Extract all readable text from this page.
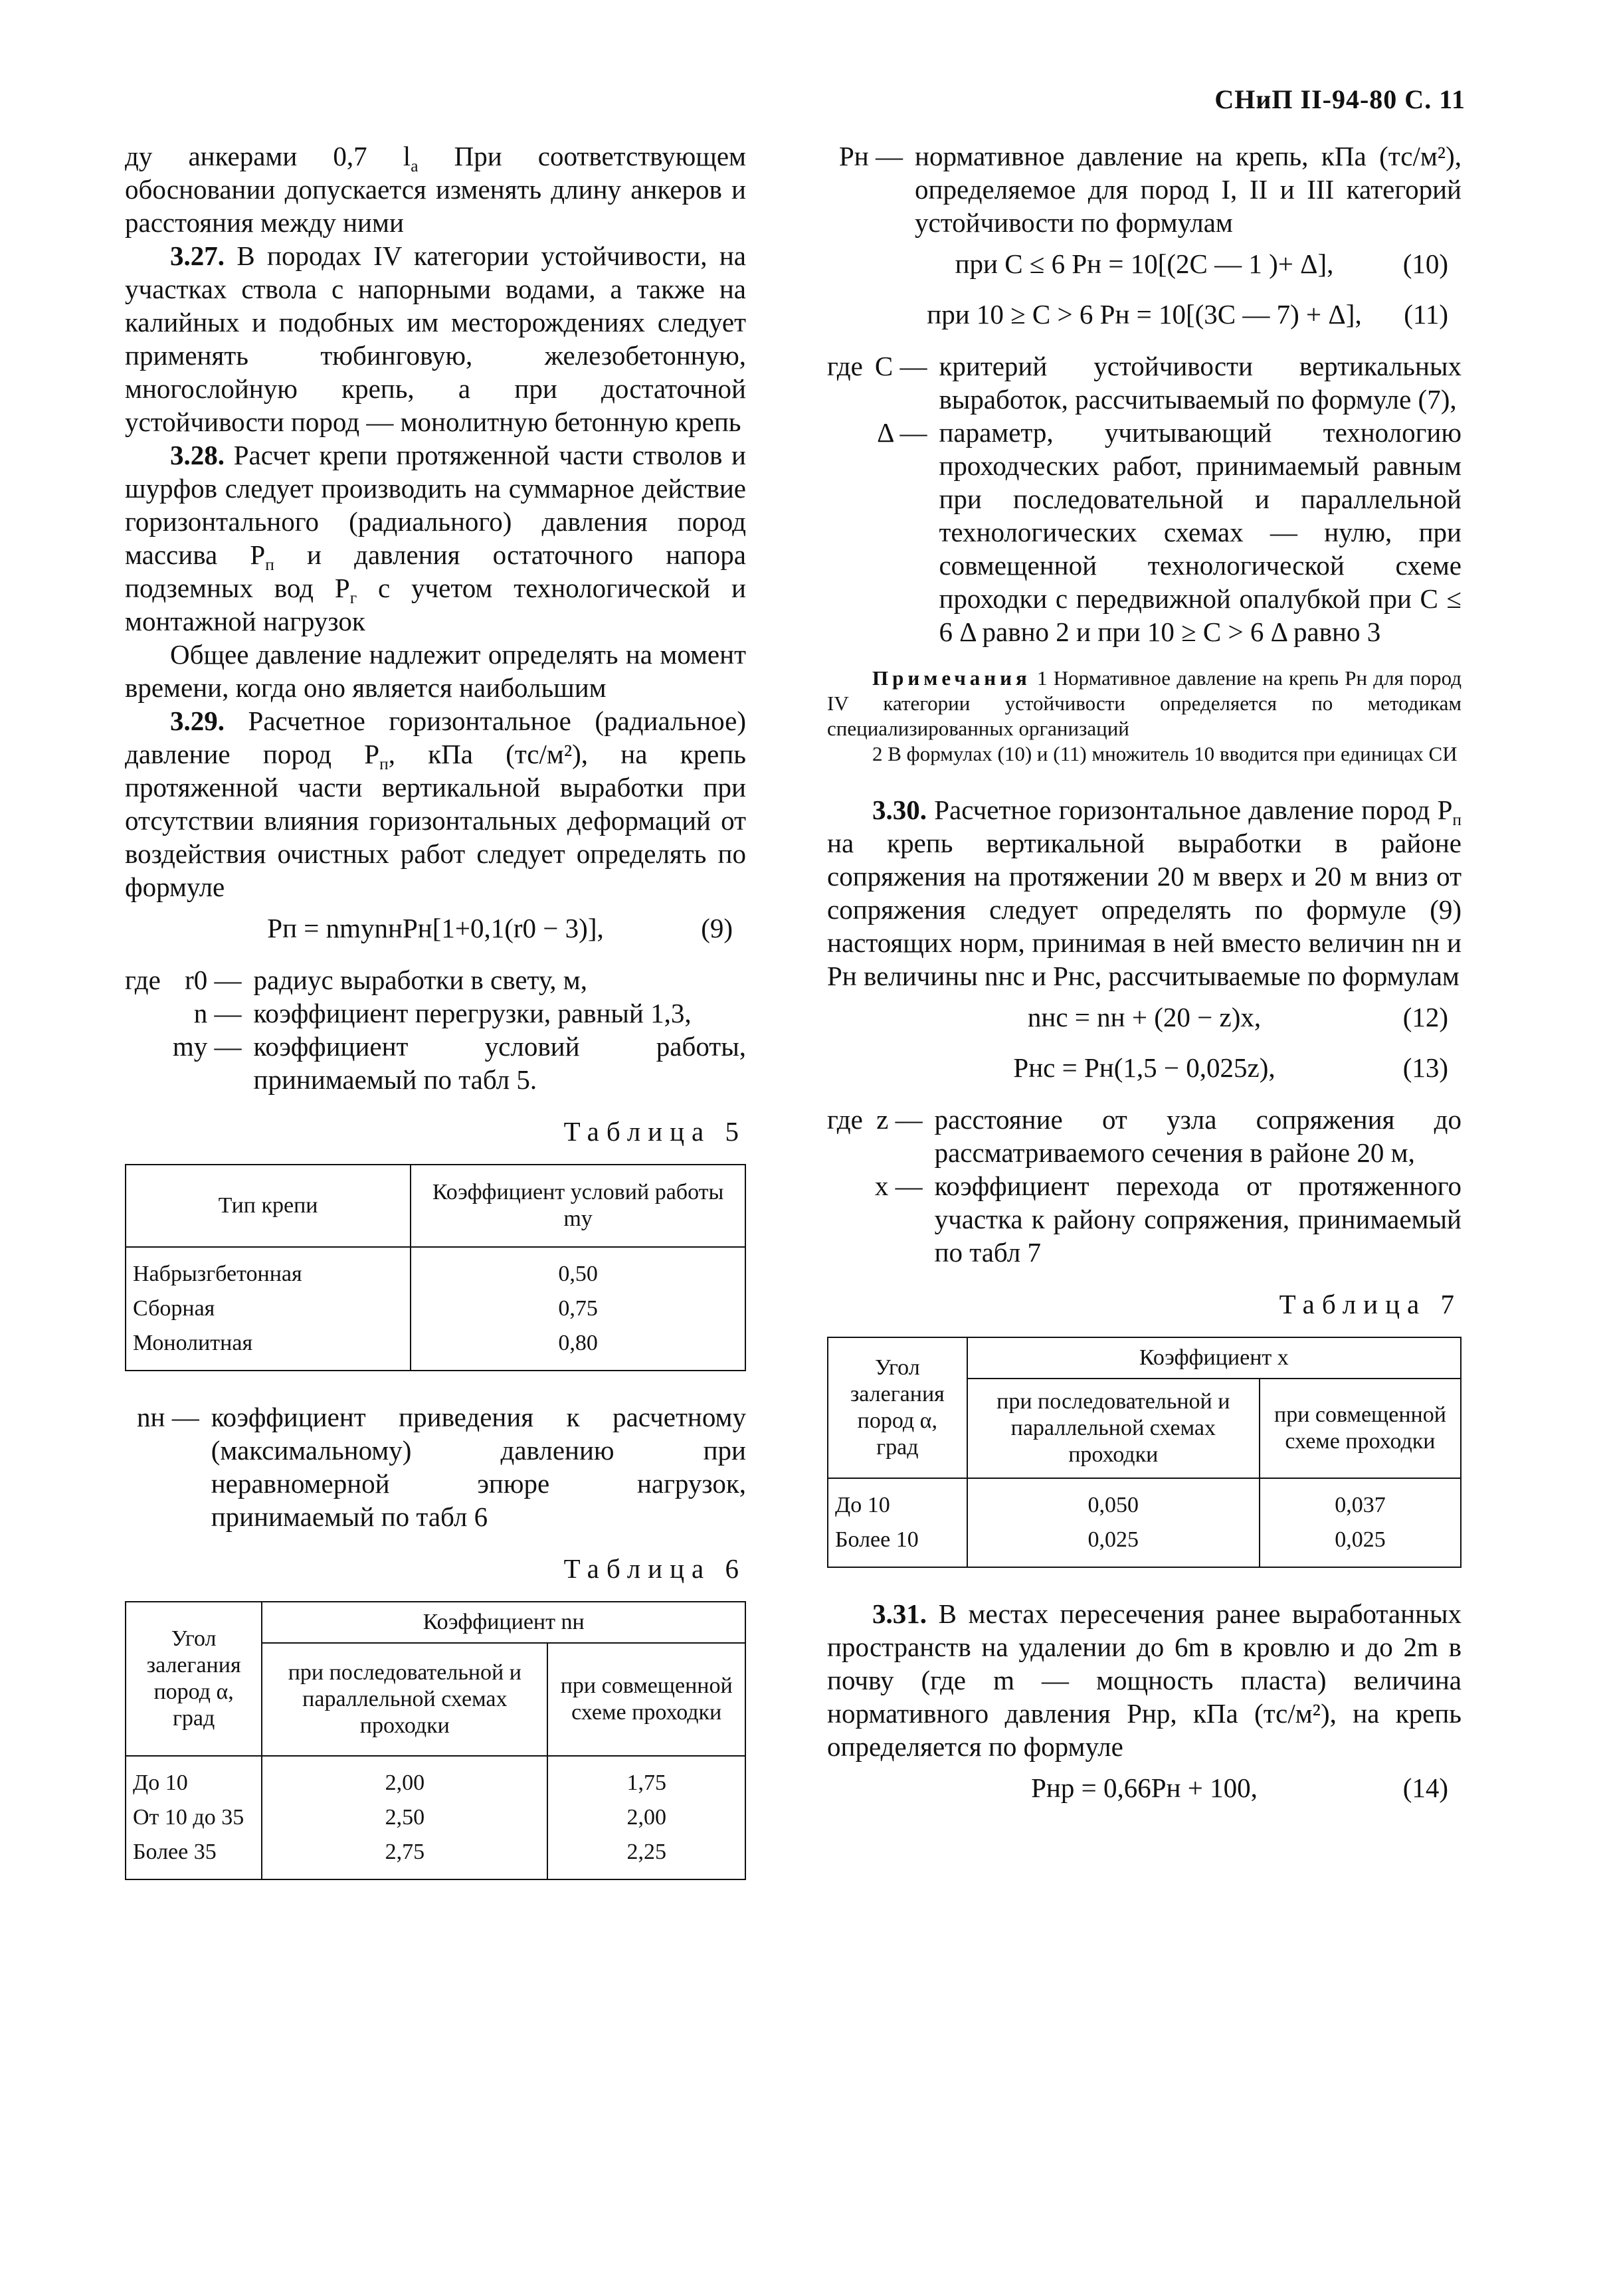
СНиП II-94-80 С. 11

ду анкерами 0,7 $l_а$ При соответствующем обосновании допускается изменять длину анкеров и расстояния между ними

3.27. В породах IV категории устойчивости, на участках ствола с напорными водами, а также на калийных и подобных им месторождениях следует применять тюбинговую, железобетонную, многослойную крепь, а при достаточной устойчивости пород — монолитную бетонную крепь

3.28. Расчет крепи протяженной части стволов и шурфов следует производить на суммарное действие горизонтального (радиального) давления пород массива $P_п$ и давления остаточного напора подземных вод $P_г$ с учетом технологической и монтажной нагрузок

Общее давление надлежит определять на момент времени, когда оно является наибольшим

3.29. Расчетное горизонтальное (радиальное) давление пород $P_п$, кПа (тс/м²), на крепь протяженной части вертикальной выработки при отсутствии влияния горизонтальных деформаций от воздействия очистных работ следует определять по формуле

Pп = nmуnнPн[1+0,1(r0 − 3)],	(9)
где r0 — радиус выработки в свету, м,
n — коэффициент перегрузки, равный 1,3,
mу — коэффициент условий работы, принимаемый по табл 5.
Таблица 5
Тип крепи	Коэффициент условий работы mу
Набрызгбетонная	0,50
Сборная	0,75
Монолитная	0,80
nн — коэффициент приведения к расчетному (максимальному) давлению при неравномерной эпюре нагрузок, принимаемый по табл 6
Таблица 6
Угол залегания пород α, град	Коэффициент nн	
	при последовательной и параллельной схемах проходки	при совмещенной схеме проходки
До 10	2,00	1,75
От 10 до 35	2,50	2,00
Более 35	2,75	2,25
Pн — нормативное давление на крепь, кПа (тс/м²), определяемое для пород I, II и III категорий устойчивости по формулам
при C ≤ 6 Pн = 10[(2C — 1 )+ Δ],	(10)
при 10 ≥ C > 6 Pн = 10[(3C — 7) + Δ],	(11)
где C — критерий устойчивости вертикальных выработок, рассчитываемый по формуле (7),
Δ — параметр, учитывающий технологию проходческих работ, принимаемый равным при последовательной и параллельной технологических схемах — нулю, при совмещенной технологической схеме проходки с передвижной опалубкой при C ≤ 6 Δ равно 2 и при 10 ≥ C > 6 Δ равно 3

Примечания 1 Нормативное давление на крепь Pн для пород IV категории устойчивости определяется по методикам специализированных организаций

2 В формулах (10) и (11) множитель 10 вводится при единицах СИ

3.30. Расчетное горизонтальное давление пород $P_п$ на крепь вертикальной выработки в районе сопряжения на протяжении 20 м вверх и 20 м вниз от сопряжения следует определять по формуле (9) настоящих норм, принимая в ней вместо величин nн и Pн величины nнс и Pнс, рассчитываемые по формулам

nнс = nн + (20 − z)x,	(12)
Pнс = Pн(1,5 − 0,025z),	(13)
где z — расстояние от узла сопряжения до рассматриваемого сечения в районе 20 м,
x — коэффициент перехода от протяженного участка к району сопряжения, принимаемый по табл 7
Таблица 7
Угол залегания пород α, град	Коэффициент x	
	при последовательной и параллельной схемах проходки	при совмещенной схеме проходки
До 10	0,050	0,037
Более 10	0,025	0,025

3.31. В местах пересечения ранее выработанных пространств на удалении до 6m в кровлю и до 2m в почву (где m — мощность пласта) величина нормативного давления Pнр, кПа (тс/м²), на крепь определяется по формуле

Pнр = 0,66Pн + 100,	(14)
